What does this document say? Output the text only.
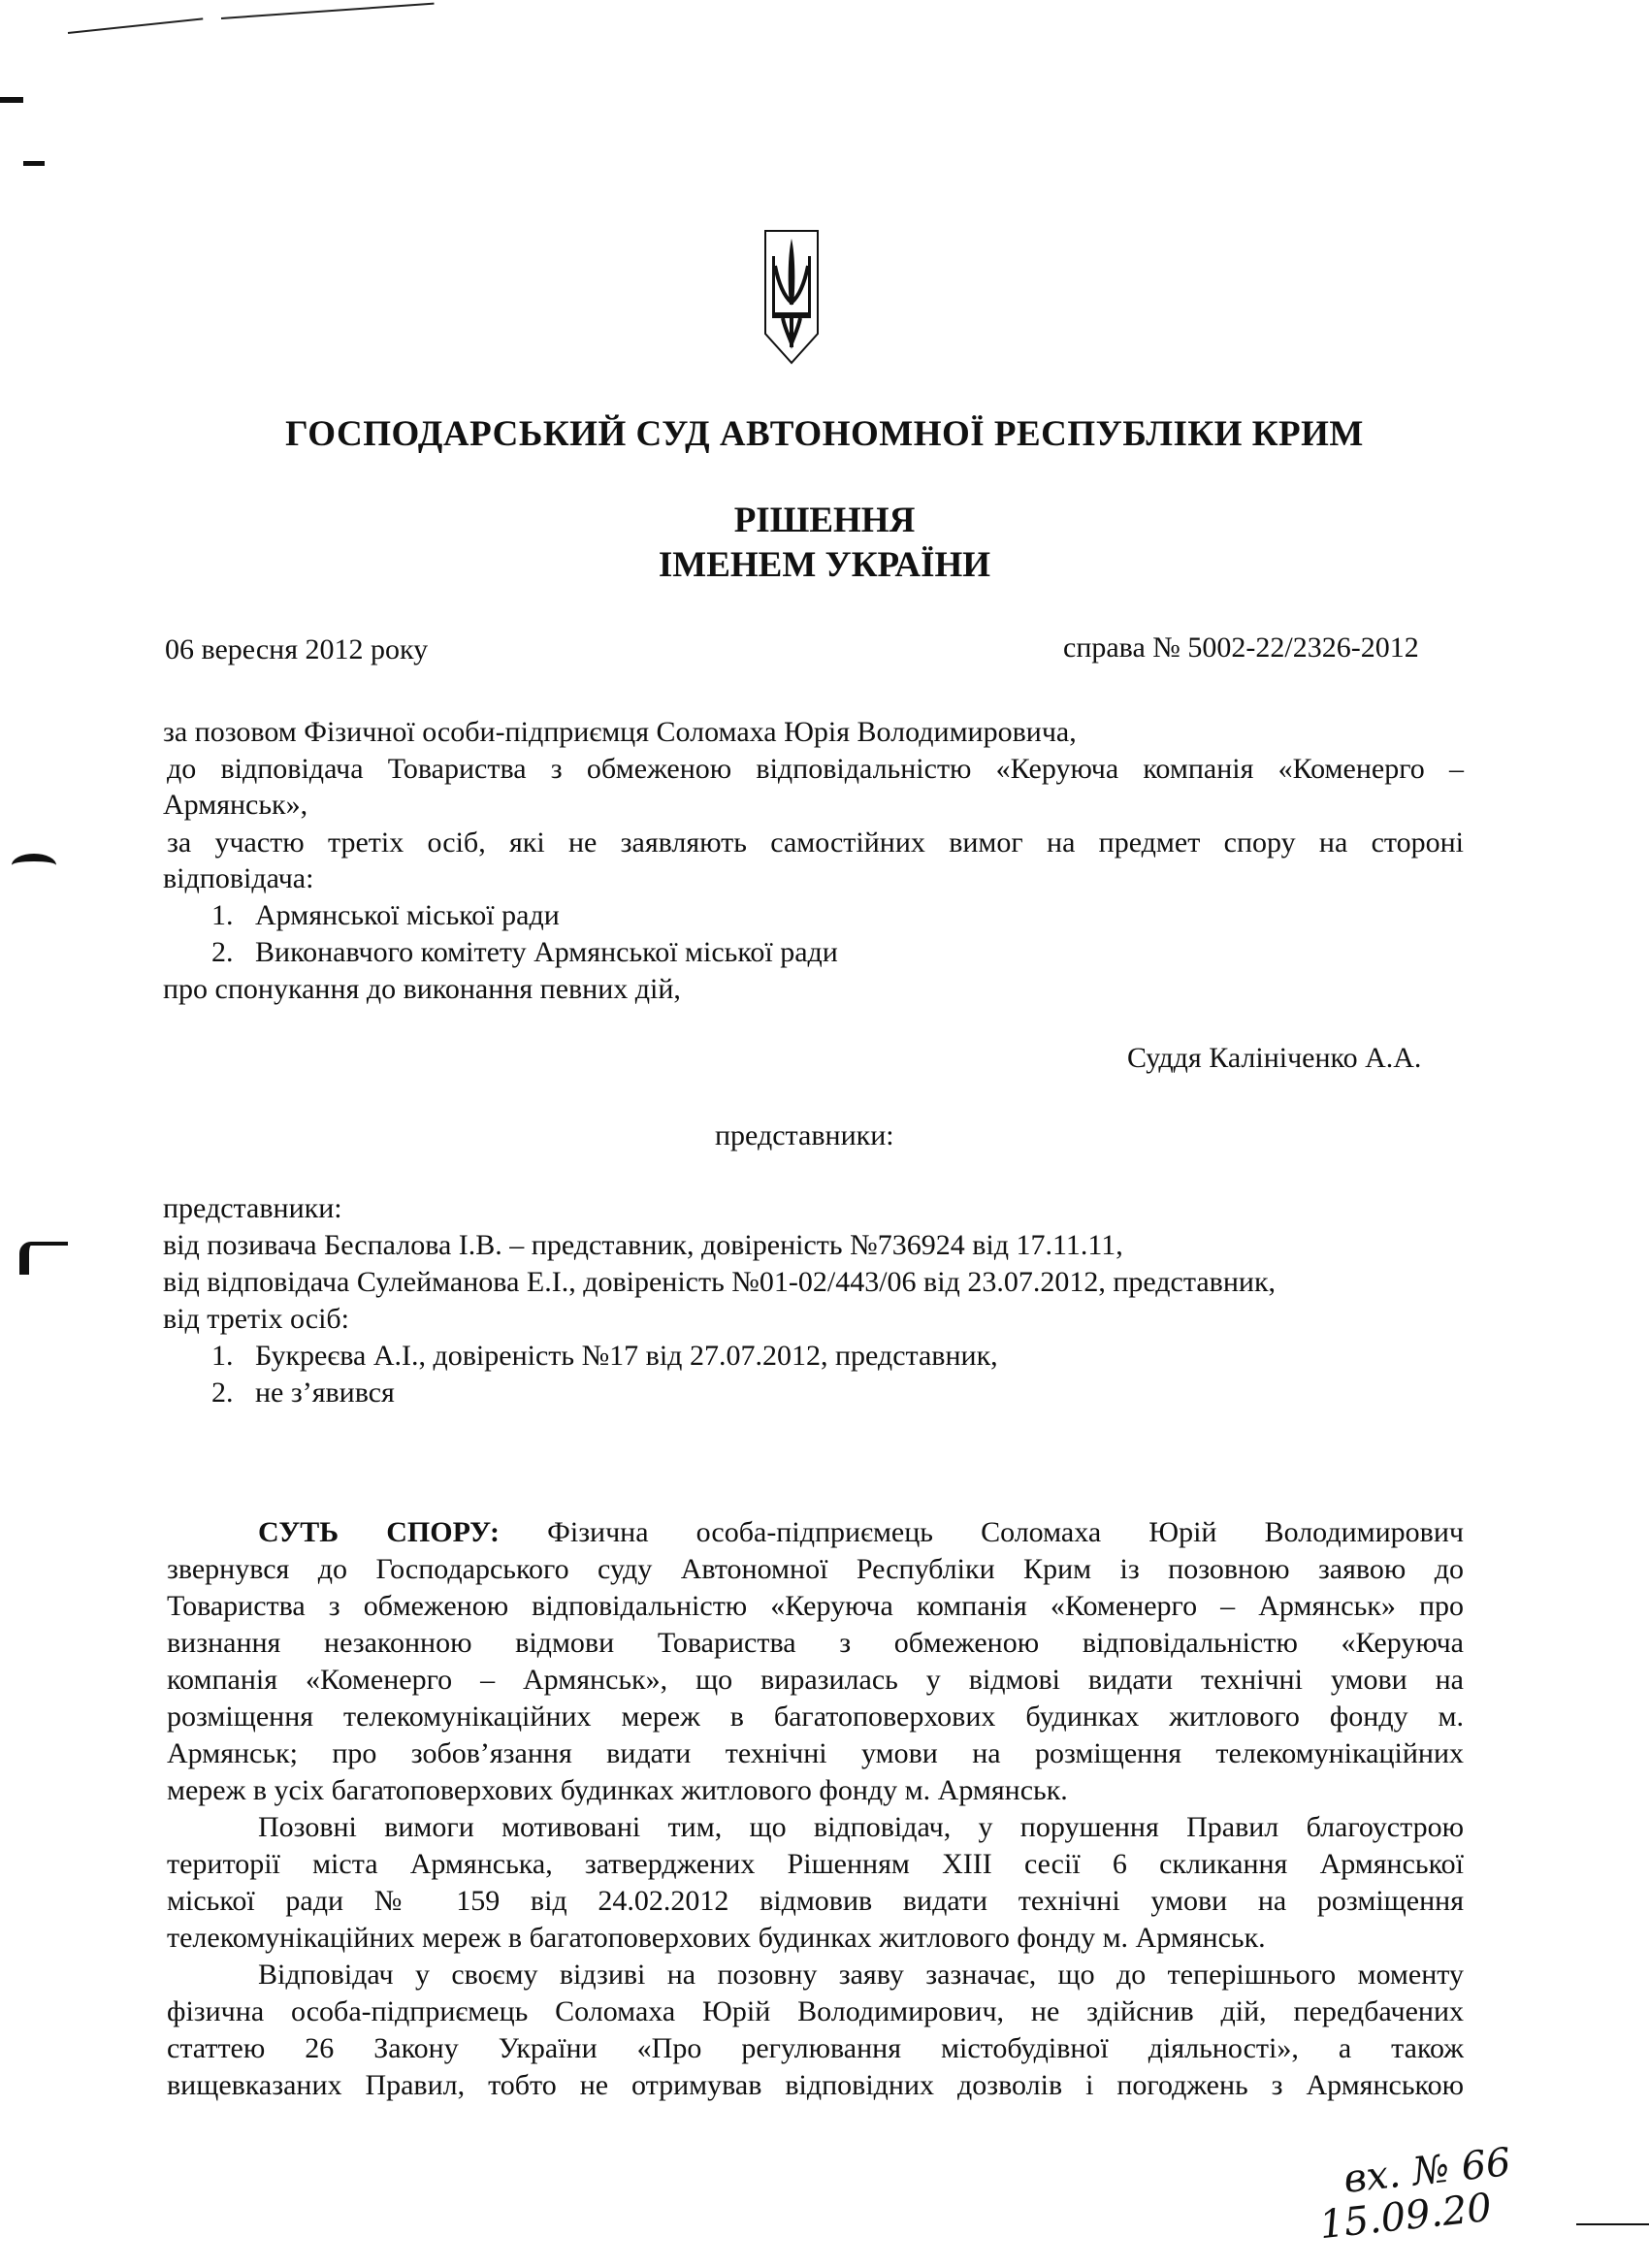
ГОСПОДАРСЬКИЙ СУД АВТОНОМНОЇ РЕСПУБЛІКИ КРИМ
РІШЕННЯ
ІМЕНЕМ УКРАЇНИ
06 вересня 2012 року	справа № 5002-22/2326-2012
за позовом Фізичної особи-підприємця Соломаха Юрія Володимировича,
до відповідача Товариства з обмеженою відповідальністю «Керуюча компанія «Коменерго –
Армянськ»,
за участю третіх осіб, які не заявляють самостійних вимог на предмет спору на стороні
відповідача:
1. Армянської міської ради
2. Виконавчого комітету Армянської міської ради
про спонукання до виконання певних дій,
Суддя Калініченко А.А.
представники:
представники:
від позивача Беспалова І.В. – представник, довіреність №736924 від 17.11.11,
від відповідача Сулейманова Е.І., довіреність №01-02/443/06 від 23.07.2012, представник,
від третіх осіб:
1. Букреєва А.І., довіреність №17 від 27.07.2012, представник,
2. не з’явився
СУТЬ СПОРУ: Фізична особа-підприємець Соломаха Юрій Володимирович
звернувся до Господарського суду Автономної Республіки Крим із позовною заявою до
Товариства з обмеженою відповідальністю «Керуюча компанія «Коменерго – Армянськ» про
визнання незаконною відмови Товариства з обмеженою відповідальністю «Керуюча
компанія «Коменерго – Армянськ», що виразилась у відмові видати технічні умови на
розміщення телекомунікаційних мереж в багатоповерхових будинках житлового фонду м.
Армянськ; про зобов’язання видати технічні умови на розміщення телекомунікаційних
мереж в усіх багатоповерхових будинках житлового фонду м. Армянськ.
Позовні вимоги мотивовані тим, що відповідач, у порушення Правил благоустрою
території міста Армянська, затверджених Рішенням XIII сесії 6 скликання Армянської
міської ради № 159 від 24.02.2012 відмовив видати технічні умови на розміщення
телекомунікаційних мереж в багатоповерхових будинках житлового фонду м. Армянськ.
Відповідач у своєму відзиві на позовну заяву зазначає, що до теперішнього моменту
фізична особа-підприємець Соломаха Юрій Володимирович, не здійснив дій, передбачених
статтею 26 Закону України «Про регулювання містобудівної діяльності», а також
вищевказаних Правил, тобто не отримував відповідних дозволів і погоджень з Армянською
вх. № 66
15.09.20
